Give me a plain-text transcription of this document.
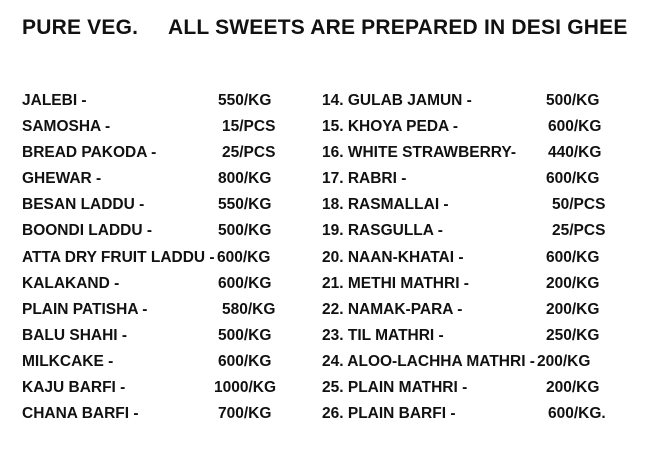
PURE VEG. ALL SWEETS ARE PREPARED IN DESI GHEE
JALEBI -	550/KG
SAMOSHA -	15/PCS
BREAD PAKODA -	25/PCS
GHEWAR -	800/KG
BESAN LADDU -	550/KG
BOONDI LADDU -	500/KG
ATTA DRY FRUIT LADDU - 600/KG
KALAKAND -	600/KG
PLAIN PATISHA -	580/KG
BALU SHAHI -	500/KG
MILKCAKE -	600/KG
KAJU BARFI -	1000/KG
CHANA BARFI -	700/KG
14. GULAB JAMUN -	500/KG
15. KHOYA PEDA -	600/KG
16. WHITE STRAWBERRY- 440/KG
17. RABRI -	600/KG
18. RASMALLAI -	50/PCS
19. RASGULLA -	25/PCS
20. NAAN-KHATAI -	600/KG
21. METHI MATHRI -	200/KG
22. NAMAK-PARA -	200/KG
23. TIL MATHRI -	250/KG
24. ALOO-LACHHA MATHRI - 200/KG
25. PLAIN MATHRI -	200/KG
26. PLAIN BARFI -	600/KG.
